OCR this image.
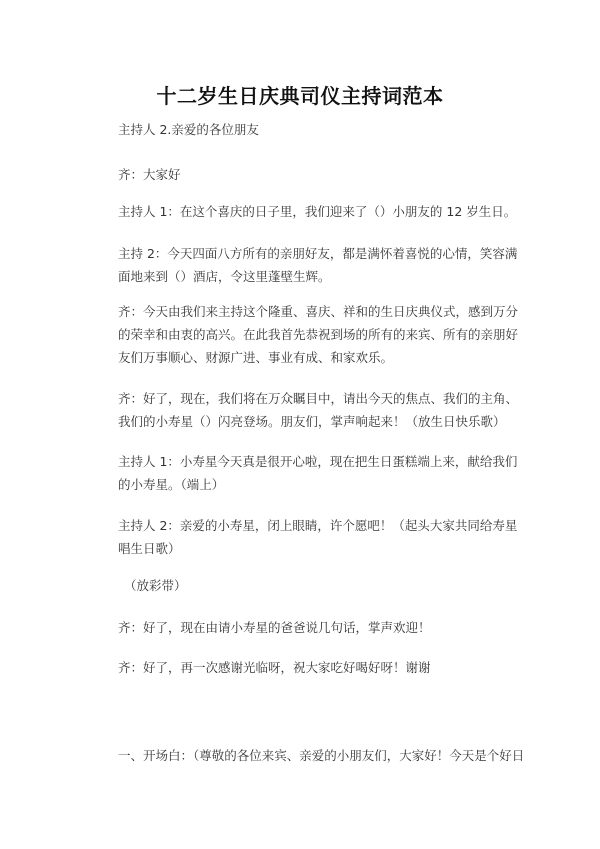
十二岁生日庆典司仪主持词范本

主持人 2.亲爱的各位朋友

齐：大家好

主持人 1：在这个喜庆的日子里，我们迎来了（）小朋友的 12 岁生日。

主持 2：今天四面八方所有的亲朋好友，都是满怀着喜悦的心情，笑容满面地来到（）酒店，令这里蓬壁生辉。

齐：今天由我们来主持这个隆重、喜庆、祥和的生日庆典仪式，感到万分的荣幸和由衷的高兴。在此我首先恭祝到场的所有的来宾、所有的亲朋好友们万事顺心、财源广进、事业有成、和家欢乐。

齐：好了，现在，我们将在万众瞩目中，请出今天的焦点、我们的主角、我们的小寿星（）闪亮登场。朋友们，掌声响起来！（放生日快乐歌）

主持人 1：小寿星今天真是很开心啦，现在把生日蛋糕端上来，献给我们的小寿星。（端上）

主持人 2：亲爱的小寿星，闭上眼睛，许个愿吧！（起头大家共同给寿星唱生日歌）

（放彩带）

齐：好了，现在由请小寿星的爸爸说几句话，掌声欢迎！

齐：好了，再一次感谢光临呀，祝大家吃好喝好呀！谢谢

一、开场白：（尊敬的各位来宾、亲爱的小朋友们，大家好！今天是个好日
